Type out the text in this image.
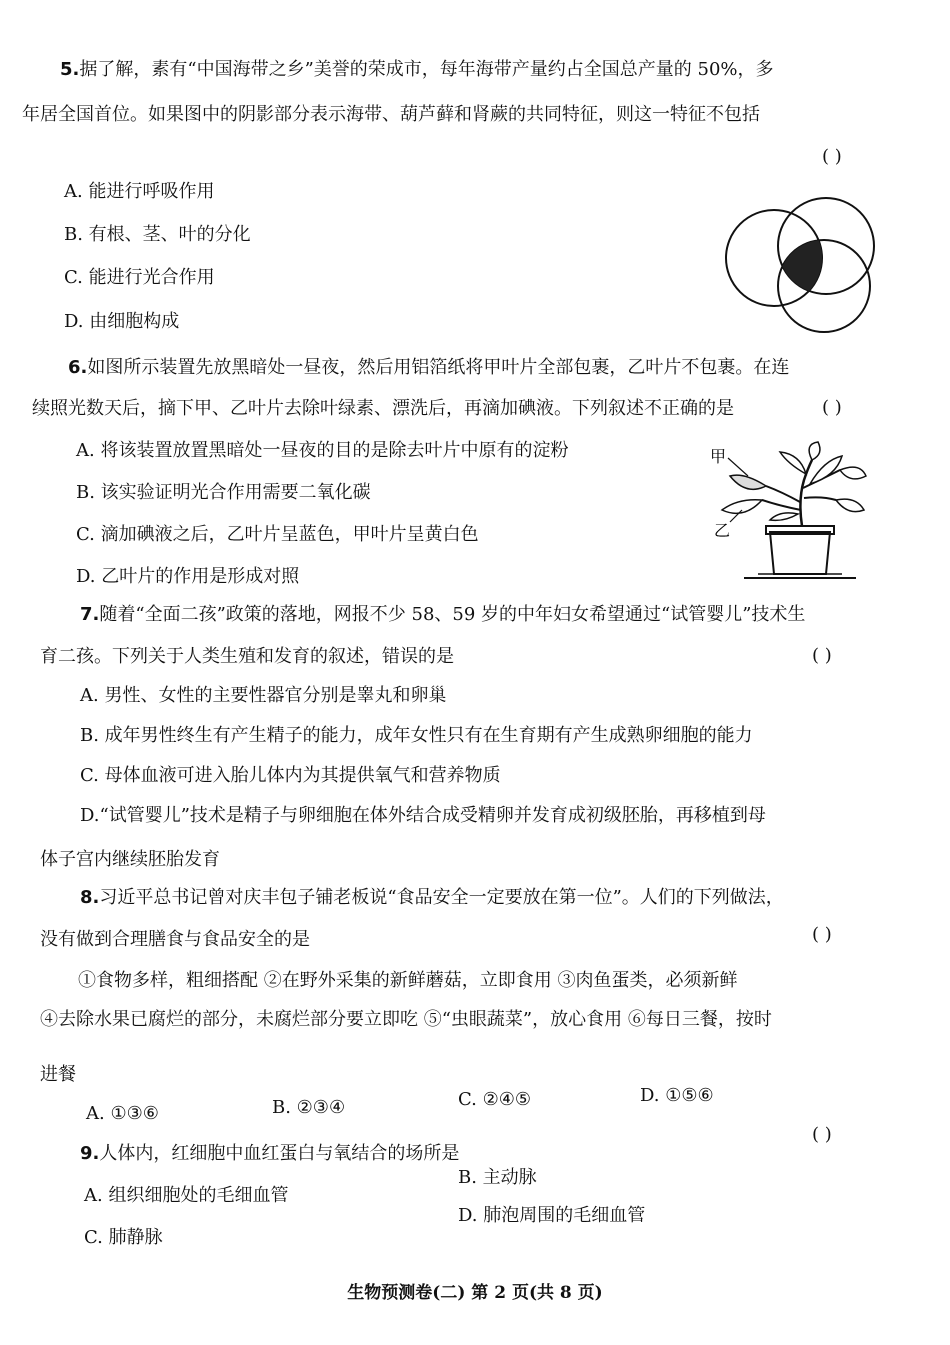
5.据了解，素有“中国海带之乡”美誉的荣成市，每年海带产量约占全国总产量的 50%，多
年居全国首位。如果图中的阴影部分表示海带、葫芦藓和肾蕨的共同特征，则这一特征不包括
( )
A. 能进行呼吸作用
B. 有根、茎、叶的分化
C. 能进行光合作用
D. 由细胞构成
6.如图所示装置先放黑暗处一昼夜，然后用铝箔纸将甲叶片全部包裹，乙叶片不包裹。在连
续照光数天后，摘下甲、乙叶片去除叶绿素、漂洗后，再滴加碘液。下列叙述不正确的是	( )
A. 将该装置放置黑暗处一昼夜的目的是除去叶片中原有的淀粉
B. 该实验证明光合作用需要二氧化碳
C. 滴加碘液之后，乙叶片呈蓝色，甲叶片呈黄白色
D. 乙叶片的作用是形成对照
甲
乙
7.随着“全面二孩”政策的落地，网报不少 58、59 岁的中年妇女希望通过“试管婴儿”技术生
育二孩。下列关于人类生殖和发育的叙述，错误的是	( )
A. 男性、女性的主要性器官分别是睾丸和卵巢
B. 成年男性终生有产生精子的能力，成年女性只有在生育期有产生成熟卵细胞的能力
C. 母体血液可进入胎儿体内为其提供氧气和营养物质
D.“试管婴儿”技术是精子与卵细胞在体外结合成受精卵并发育成初级胚胎，再移植到母
体子宫内继续胚胎发育
8.习近平总书记曾对庆丰包子铺老板说“食品安全一定要放在第一位”。人们的下列做法，
没有做到合理膳食与食品安全的是	( )
①食物多样，粗细搭配 ②在野外采集的新鲜蘑菇，立即食用 ③肉鱼蛋类，必须新鲜
④去除水果已腐烂的部分，未腐烂部分要立即吃 ⑤“虫眼蔬菜”，放心食用 ⑥每日三餐，按时
进餐
A. ①③⑥	B. ②③④	C. ②④⑤	D. ①⑤⑥
9.人体内，红细胞中血红蛋白与氧结合的场所是
( )
A. 组织细胞处的毛细血管
B. 主动脉
C. 肺静脉
D. 肺泡周围的毛细血管
生物预测卷(二) 第 2 页(共 8 页)
